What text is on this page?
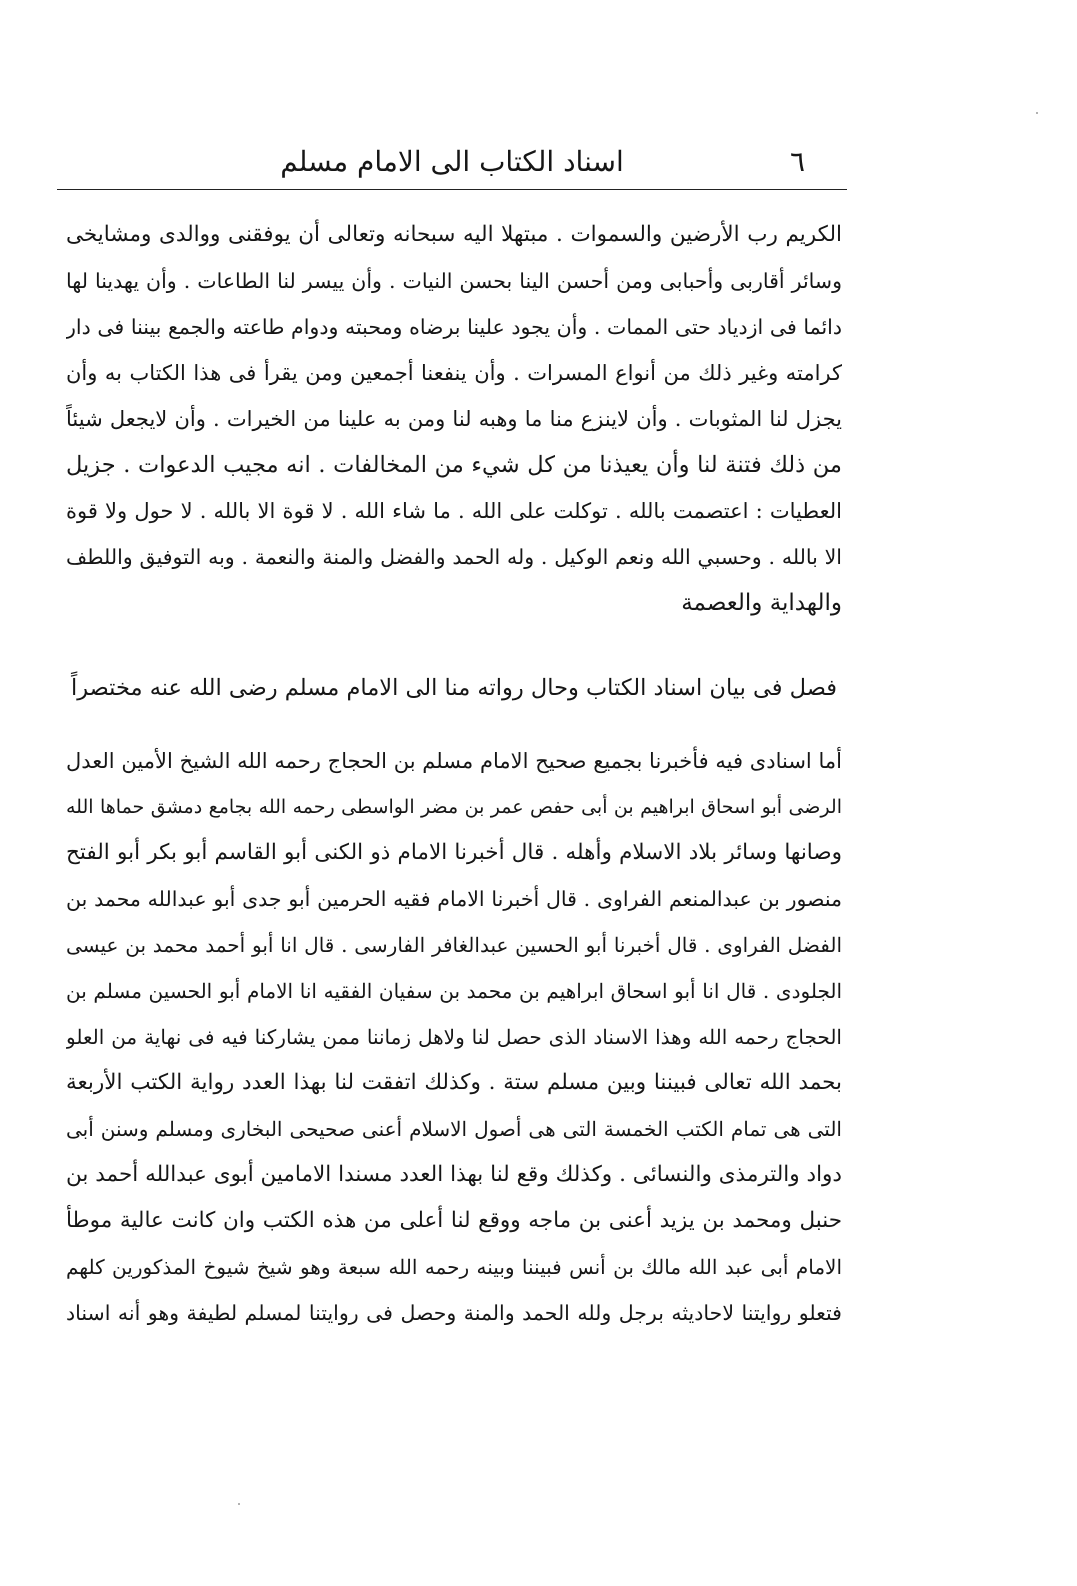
٦
اسناد الكتاب الى الامام مسلم
الكريم رب الأرضين والسموات . مبتهلا اليه سبحانه وتعالى أن يوفقنى ووالدى ومشايخى
وسائر أقاربى وأحبابى ومن أحسن الينا بحسن النيات . وأن ييسر لنا الطاعات . وأن يهدينا لها
دائما فى ازدياد حتى الممات . وأن يجود علينا برضاه ومحبته ودوام طاعته والجمع بيننا فى دار
كرامته وغير ذلك من أنواع المسرات . وأن ينفعنا أجمعين ومن يقرأ فى هذا الكتاب به وأن
يجزل لنا المثوبات . وأن لاينزع منا ما وهبه لنا ومن به علينا من الخيرات . وأن لايجعل شيئاً
من ذلك فتنة لنا وأن يعيذنا من كل شيء من المخالفات . انه مجيب الدعوات . جزيل
العطيات : اعتصمت بالله . توكلت على الله . ما شاء الله . لا قوة الا بالله . لا حول ولا قوة
الا بالله . وحسبي الله ونعم الوكيل . وله الحمد والفضل والمنة والنعمة . وبه التوفيق واللطف
والهداية والعصمة
فصل فى بيان اسناد الكتاب وحال رواته منا الى الامام مسلم رضى الله عنه مختصراً
أما اسنادى فيه فأخبرنا بجميع صحيح الامام مسلم بن الحجاج رحمه الله الشيخ الأمين العدل
الرضى أبو اسحاق ابراهيم بن أبى حفص عمر بن مضر الواسطى رحمه الله بجامع دمشق حماها الله
وصانها وسائر بلاد الاسلام وأهله . قال أخبرنا الامام ذو الكنى أبو القاسم أبو بكر أبو الفتح
منصور بن عبدالمنعم الفراوى . قال أخبرنا الامام فقيه الحرمين أبو جدى أبو عبدالله محمد بن
الفضل الفراوى . قال أخبرنا أبو الحسين عبدالغافر الفارسى . قال انا أبو أحمد محمد بن عيسى
الجلودى . قال انا أبو اسحاق ابراهيم بن محمد بن سفيان الفقيه انا الامام أبو الحسين مسلم بن
الحجاج رحمه الله وهذا الاسناد الذى حصل لنا ولاهل زماننا ممن يشاركنا فيه فى نهاية من العلو
بحمد الله تعالى فبيننا وبين مسلم ستة . وكذلك اتفقت لنا بهذا العدد رواية الكتب الأربعة
التى هى تمام الكتب الخمسة التى هى أصول الاسلام أعنى صحيحى البخارى ومسلم وسنن أبى
دواد والترمذى والنسائى . وكذلك وقع لنا بهذا العدد مسندا الامامين أبوى عبدالله أحمد بن
حنبل ومحمد بن يزيد أعنى بن ماجه ووقع لنا أعلى من هذه الكتب وان كانت عالية موطأ
الامام أبى عبد الله مالك بن أنس فبيننا وبينه رحمه الله سبعة وهو شيخ شيوخ المذكورين كلهم
فتعلو روايتنا لاحاديثه برجل ولله الحمد والمنة وحصل فى روايتنا لمسلم لطيفة وهو أنه اسناد
